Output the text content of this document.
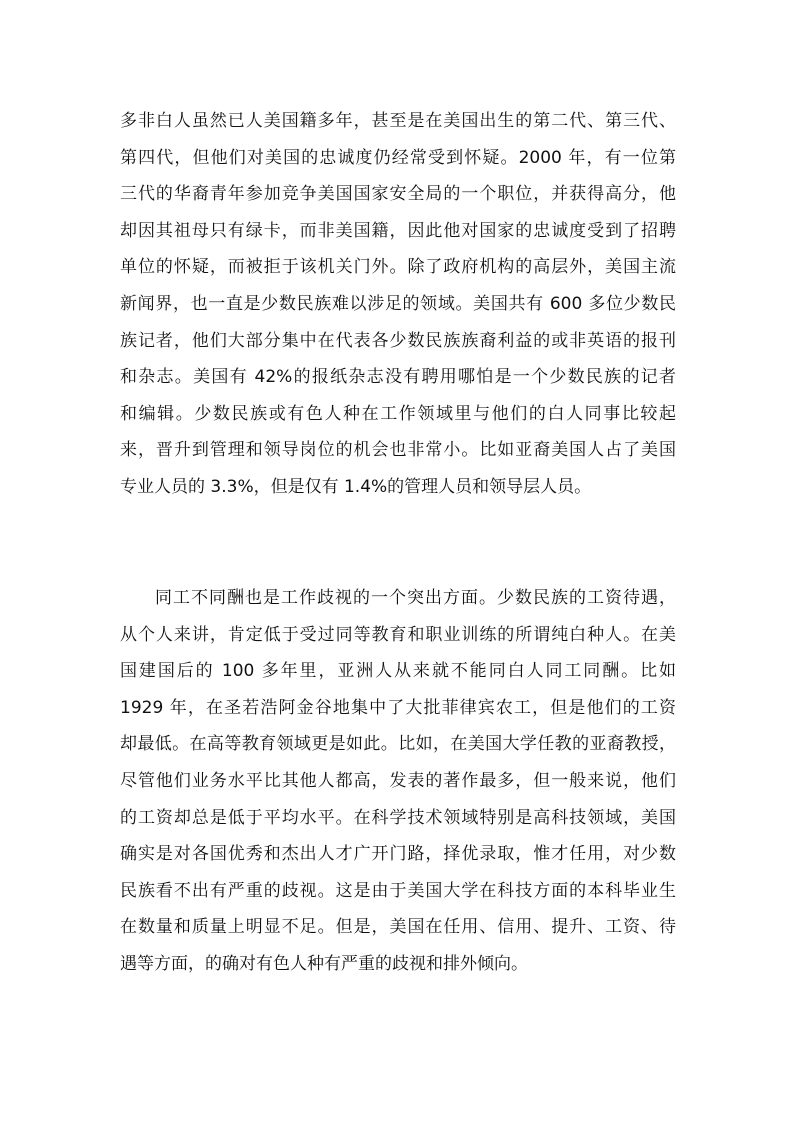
多非白人虽然已人美国籍多年，甚至是在美国出生的第二代、第三代、
第四代，但他们对美国的忠诚度仍经常受到怀疑。2000 年，有一位第
三代的华裔青年参加竞争美国国家安全局的一个职位，并获得高分，他
却因其祖母只有绿卡，而非美国籍，因此他对国家的忠诚度受到了招聘
单位的怀疑，而被拒于该机关门外。除了政府机构的高层外，美国主流
新闻界，也一直是少数民族难以涉足的领域。美国共有 600 多位少数民
族记者，他们大部分集中在代表各少数民族族裔利益的或非英语的报刊
和杂志。美国有 42%的报纸杂志没有聘用哪怕是一个少数民族的记者
和编辑。少数民族或有色人种在工作领域里与他们的白人同事比较起
来，晋升到管理和领导岗位的机会也非常小。比如亚裔美国人占了美国
专业人员的 3.3%，但是仅有 1.4%的管理人员和领导层人员。
同工不同酬也是工作歧视的一个突出方面。少数民族的工资待遇，
从个人来讲，肯定低于受过同等教育和职业训练的所谓纯白种人。在美
国建国后的 100 多年里，亚洲人从来就不能同白人同工同酬。比如
1929 年，在圣若浩阿金谷地集中了大批菲律宾农工，但是他们的工资
却最低。在高等教育领域更是如此。比如，在美国大学任教的亚裔教授，
尽管他们业务水平比其他人都高，发表的著作最多，但一般来说，他们
的工资却总是低于平均水平。在科学技术领域特别是高科技领域，美国
确实是对各国优秀和杰出人才广开门路，择优录取，惟才任用，对少数
民族看不出有严重的歧视。这是由于美国大学在科技方面的本科毕业生
在数量和质量上明显不足。但是，美国在任用、信用、提升、工资、待
遇等方面，的确对有色人种有严重的歧视和排外倾向。
